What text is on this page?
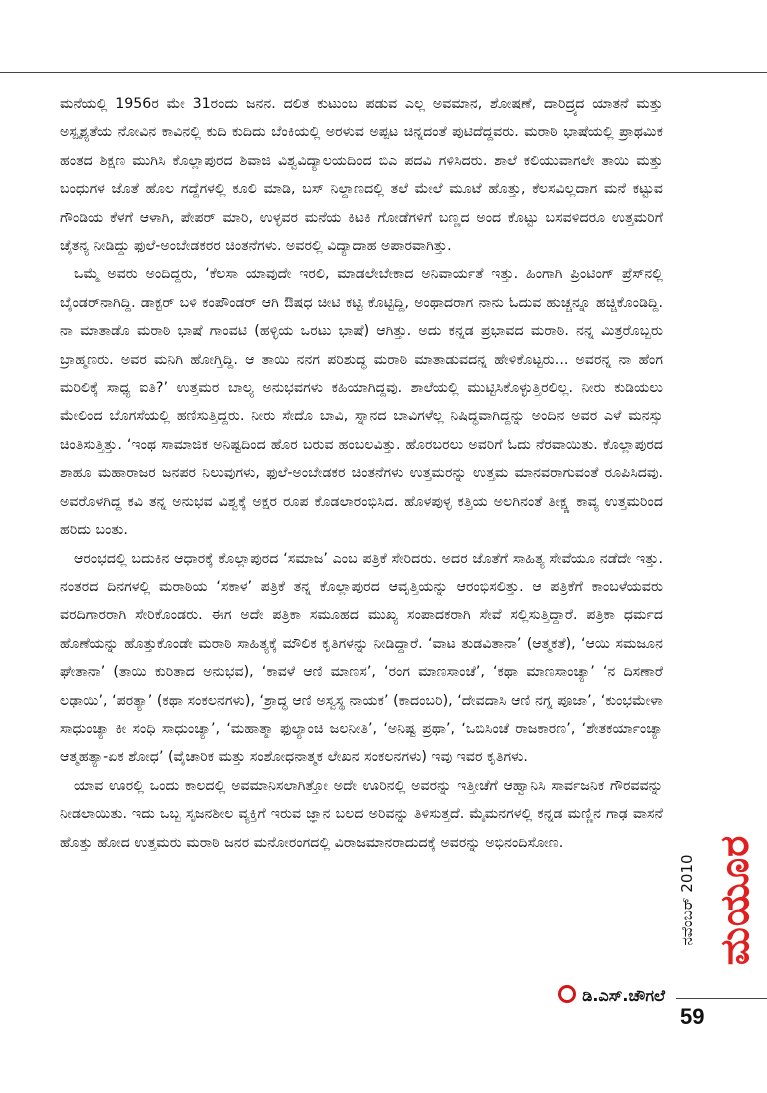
ಮನೆಯಲ್ಲಿ 1956ರ ಮೇ 31ರಂದು ಜನನ. ದಲಿತ ಕುಟುಂಬ ಪಡುವ ಎಲ್ಲ ಅವಮಾನ, ಶೋಷಣೆ, ದಾರಿದ್ರ್ಯದ ಯಾತನೆ ಮತ್ತು ಅಸ್ಪೃಶ್ಯತೆಯ ನೋವಿನ ಕಾವಿನಲ್ಲಿ ಕುದಿ ಕುದಿದು ಬೆಂಕಿಯಲ್ಲಿ ಅರಳುವ ಅಪ್ಪಟ ಚಿನ್ನದಂತೆ ಪುಟಿದೆದ್ದವರು. ಮರಾಠಿ ಭಾಷೆಯಲ್ಲಿ ಪ್ರಾಥಮಿಕ ಹಂತದ ಶಿಕ್ಷಣ ಮುಗಿಸಿ ಕೊಲ್ಲಾಪುರದ ಶಿವಾಜಿ ವಿಶ್ವವಿದ್ಯಾಲಯದಿಂದ ಬಿಎ ಪದವಿ ಗಳಿಸಿದರು. ಶಾಲೆ ಕಲಿಯುವಾಗಲೇ ತಾಯಿ ಮತ್ತು ಬಂಧುಗಳ ಜೊತೆ ಹೊಲ ಗದ್ದೆಗಳಲ್ಲಿ ಕೂಲಿ ಮಾಡಿ, ಬಸ್ ನಿಲ್ದಾಣದಲ್ಲಿ ತಲೆ ಮೇಲೆ ಮೂಟೆ ಹೊತ್ತು, ಕೆಲಸವಿಲ್ಲದಾಗ ಮನೆ ಕಟ್ಟುವ ಗೌಂಡಿಯ ಕೆಳಗೆ ಆಳಾಗಿ, ಪೇಪರ್ ಮಾರಿ, ಉಳ್ಳವರ ಮನೆಯ ಕಿಟಕಿ ಗೋಡೆಗಳಿಗೆ ಬಣ್ಣದ ಅಂದ ಕೊಟ್ಟು ಬಸವಳಿದರೂ ಉತ್ತಮರಿಗೆ ಚೈತನ್ಯ ನೀಡಿದ್ದು ಫುಲೆ-ಅಂಬೇಡಕರರ ಚಿಂತನೆಗಳು. ಅವರಲ್ಲಿ ವಿದ್ಯಾದಾಹ ಅಪಾರವಾಗಿತ್ತು.

ಒಮ್ಮೆ ಅವರು ಅಂದಿದ್ದರು, ‘ಕೆಲಸಾ ಯಾವುದೇ ಇರಲಿ, ಮಾಡಲೇಬೇಕಾದ ಅನಿವಾರ್ಯತೆ ಇತ್ತು. ಹಿಂಗಾಗಿ ಪ್ರಿಂಟಿಂಗ್ ಪ್ರೆಸ್‌ನಲ್ಲಿ ಬೈಂಡರ್‌ನಾಗಿದ್ದಿ. ಡಾಕ್ಟರ್ ಬಳಿ ಕಂಪೌಂಡರ್ ಆಗಿ ಔಷಧ ಚೀಟಿ ಕಟ್ಟಿ ಕೊಟ್ಟಿದ್ದಿ, ಅಂಥಾದರಾಗ ನಾನು ಓದುವ ಹುಚ್ಚನ್ನೂ ಹಚ್ಚಿಕೊಂಡಿದ್ದಿ. ನಾ ಮಾತಾಡೊ ಮರಾಠಿ ಭಾಷೆ ಗಾಂವಟಿ (ಹಳ್ಳಿಯ ಒರಟು ಭಾಷೆ) ಆಗಿತ್ತು. ಅದು ಕನ್ನಡ ಪ್ರಭಾವದ ಮರಾಠಿ. ನನ್ನ ಮಿತ್ರರೊಬ್ಬರು ಬ್ರಾಹ್ಮಣರು. ಅವರ ಮನಿಗಿ ಹೋಗ್ತಿದ್ದಿ. ಆ ತಾಯಿ ನನಗ ಪರಿಶುದ್ಧ ಮರಾಠಿ ಮಾತಾಡುವದನ್ನ ಹೇಳಿಕೊಟ್ಟರು... ಅವರನ್ನ ನಾ ಹೆಂಗ ಮರಿಲಿಕ್ಕೆ ಸಾಧ್ಯ ಐತಿ?’ ಉತ್ತಮರ ಬಾಲ್ಯ ಅನುಭವಗಳು ಕಹಿಯಾಗಿದ್ದವು. ಶಾಲೆಯಲ್ಲಿ ಮುಟ್ಟಿಸಿಕೊಳ್ಳುತ್ತಿರಲಿಲ್ಲ. ನೀರು ಕುಡಿಯಲು ಮೇಲಿಂದ ಬೊಗಸೆಯಲ್ಲಿ ಹಣಿಸುತ್ತಿದ್ದರು. ನೀರು ಸೇದೊ ಬಾವಿ, ಸ್ನಾನದ ಬಾವಿಗಳೆಲ್ಲ ನಿಷಿದ್ಧವಾಗಿದ್ದನ್ನು ಅಂದಿನ ಅವರ ಎಳೆ ಮನಸ್ಸು ಚಿಂತಿಸುತ್ತಿತ್ತು. ‘ಇಂಥ ಸಾಮಾಜಿಕ ಅನಿಷ್ಟದಿಂದ ಹೊರ ಬರುವ ಹಂಬಲವಿತ್ತು. ಹೊರಬರಲು ಅವರಿಗೆ ಓದು ನೆರವಾಯಿತು. ಕೊಲ್ಲಾಪುರದ ಶಾಹೂ ಮಹಾರಾಜರ ಜನಪರ ನಿಲುವುಗಳು, ಫುಲೆ-ಅಂಬೇಡಕರ ಚಿಂತನೆಗಳು ಉತ್ತಮರನ್ನು ಉತ್ತಮ ಮಾನವರಾಗುವಂತೆ ರೂಪಿಸಿದವು. ಅವರೊಳಗಿದ್ದ ಕವಿ ತನ್ನ ಅನುಭವ ವಿಶ್ವಕ್ಕೆ ಅಕ್ಷರ ರೂಪ ಕೊಡಲಾರಂಭಿಸಿದ. ಹೊಳಪುಳ್ಳ ಕತ್ತಿಯ ಅಲಗಿನಂತೆ ತೀಕ್ಷ್ಣ ಕಾವ್ಯ ಉತ್ತಮರಿಂದ ಹರಿದು ಬಂತು.

ಆರಂಭದಲ್ಲಿ ಬದುಕಿನ ಆಧಾರಕ್ಕೆ ಕೊಲ್ಲಾಪುರದ ‘ಸಮಾಜ’ ಎಂಬ ಪತ್ರಿಕೆ ಸೇರಿದರು. ಅದರ ಜೊತೆಗೆ ಸಾಹಿತ್ಯ ಸೇವೆಯೂ ನಡೆದೇ ಇತ್ತು. ನಂತರದ ದಿನಗಳಲ್ಲಿ ಮರಾಠಿಯ ‘ಸಕಾಳ’ ಪತ್ರಿಕೆ ತನ್ನ ಕೊಲ್ಲಾಪುರದ ಆವೃತ್ತಿಯನ್ನು ಆರಂಭಿಸಲಿತ್ತು. ಆ ಪತ್ರಿಕೆಗೆ ಕಾಂಬಳೆಯವರು ವರದಿಗಾರರಾಗಿ ಸೇರಿಕೊಂಡರು. ಈಗ ಅದೇ ಪತ್ರಿಕಾ ಸಮೂಹದ ಮುಖ್ಯ ಸಂಪಾದಕರಾಗಿ ಸೇವೆ ಸಲ್ಲಿಸುತ್ತಿದ್ದಾರೆ. ಪತ್ರಿಕಾ ಧರ್ಮದ ಹೊಣೆಯನ್ನು ಹೊತ್ತುಕೊಂಡೇ ಮರಾಠಿ ಸಾಹಿತ್ಯಕ್ಕೆ ಮೌಲಿಕ ಕೃತಿಗಳನ್ನು ನೀಡಿದ್ದಾರೆ. ‘ವಾಟ ತುಡವಿತಾನಾ’ (ಆತ್ಮಕತೆ), ‘ಆಯಿ ಸಮಜೂನ ಘೇತಾನಾ’ (ತಾಯಿ ಕುರಿತಾದ ಅನುಭವ), ‘ಕಾವಳೆ ಆಣಿ ಮಾಣಸ’, ‘ರಂಗ ಮಾಣಸಾಂಚೆ’, ‘ಕಥಾ ಮಾಣಸಾಂಚ್ಯಾ’ ‘ನ ದಿಸಣಾರೆ ಲಢಾಯಿ’, ‘ಪರತ್ಯಾ’ (ಕಥಾ ಸಂಕಲನಗಳು), ‘ಶ್ರಾದ್ಧ ಆಣಿ ಅಸ್ವಸ್ಥ ನಾಯಕ’ (ಕಾದಂಬರಿ), ‘ದೇವದಾಸಿ ಆಣಿ ನಗ್ನ ಪೂಜಾ’, ‘ಕುಂಭಮೇಳಾ ಸಾಧುಂಚ್ಯಾ ಕೀ ಸಂಧಿ ಸಾಧುಂಚ್ಯಾ’, ‘ಮಹಾತ್ಮಾ ಫುಲ್ಯಾಂಚಿ ಜಲನೀತಿ’, ‘ಅನಿಷ್ಟ ಪ್ರಥಾ’, ‘ಒಬಿಸಿಂಚೆ ರಾಜಕಾರಣ’, ‘ಶೇತಕರ್ಯಾಂಚ್ಯಾ ಆತ್ಮಹತ್ಯಾ-ಏಕ ಶೋಧ’ (ವೈಚಾರಿಕ ಮತ್ತು ಸಂಶೋಧನಾತ್ಮಕ ಲೇಖನ ಸಂಕಲನಗಳು) ಇವು ಇವರ ಕೃತಿಗಳು.

ಯಾವ ಊರಲ್ಲಿ ಒಂದು ಕಾಲದಲ್ಲಿ ಅವಮಾನಿಸಲಾಗಿತ್ತೋ ಅದೇ ಊರಿನಲ್ಲಿ ಅವರನ್ನು ಇತ್ತೀಚೆಗೆ ಆಹ್ವಾನಿಸಿ ಸಾರ್ವಜನಿಕ ಗೌರವವನ್ನು ನೀಡಲಾಯಿತು. ಇದು ಒಬ್ಬ ಸೃಜನಶೀಲ ವ್ಯಕ್ತಿಗೆ ಇರುವ ಜ್ಞಾನ ಬಲದ ಅರಿವನ್ನು ತಿಳಿಸುತ್ತದೆ. ಮೈಮನಗಳಲ್ಲಿ ಕನ್ನಡ ಮಣ್ಣಿನ ಗಾಢ ವಾಸನೆ ಹೊತ್ತು ಹೋದ ಉತ್ತಮರು ಮರಾಠಿ ಜನರ ಮನೋರಂಗದಲ್ಲಿ ವಿರಾಜಮಾನರಾದುದಕ್ಕೆ ಅವರನ್ನು ಅಭಿನಂದಿಸೋಣ.

ಡಿ.ಎಸ್.ಚೌಗಲೆ
ನವೆಂಬರ್ 2010 ಮಯೂರ
59
